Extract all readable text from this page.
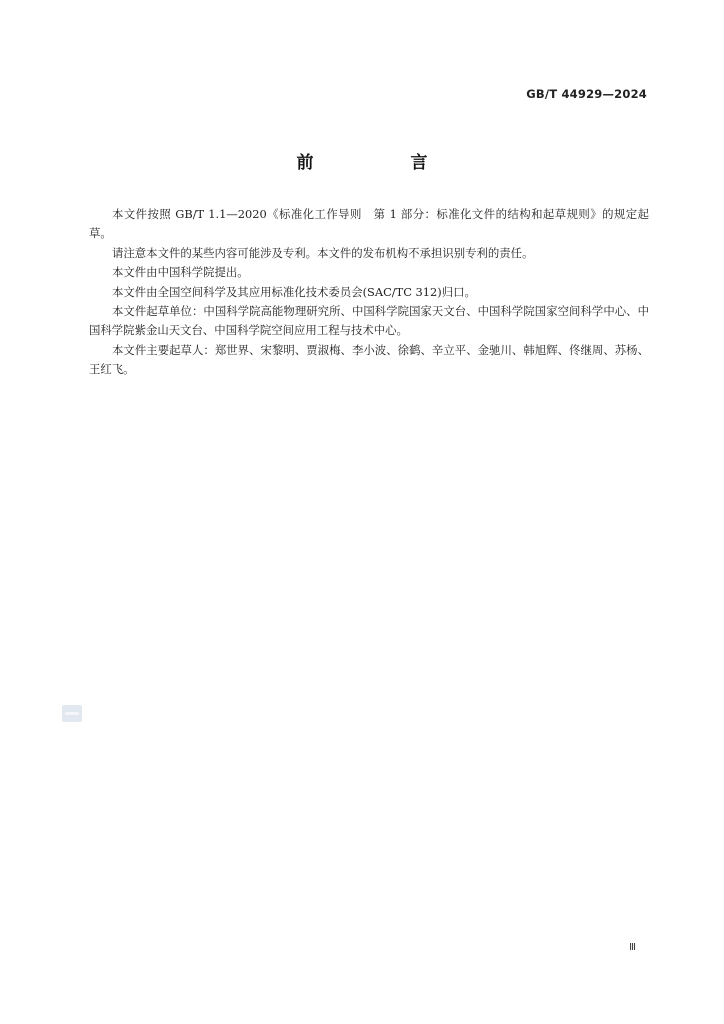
GB/T 44929—2024
前　言

本文件按照 GB/T 1.1—2020《标准化工作导则　第 1 部分：标准化文件的结构和起草规则》的规定起草。

请注意本文件的某些内容可能涉及专利。本文件的发布机构不承担识别专利的责任。

本文件由中国科学院提出。

本文件由全国空间科学及其应用标准化技术委员会(SAC/TC 312)归口。

本文件起草单位：中国科学院高能物理研究所、中国科学院国家天文台、中国科学院国家空间科学中心、中国科学院紫金山天文台、中国科学院空间应用工程与技术中心。

本文件主要起草人：郑世界、宋黎明、贾淑梅、李小波、徐鹤、辛立平、金驰川、韩旭辉、佟继周、苏杨、王红飞。

Ⅲ
